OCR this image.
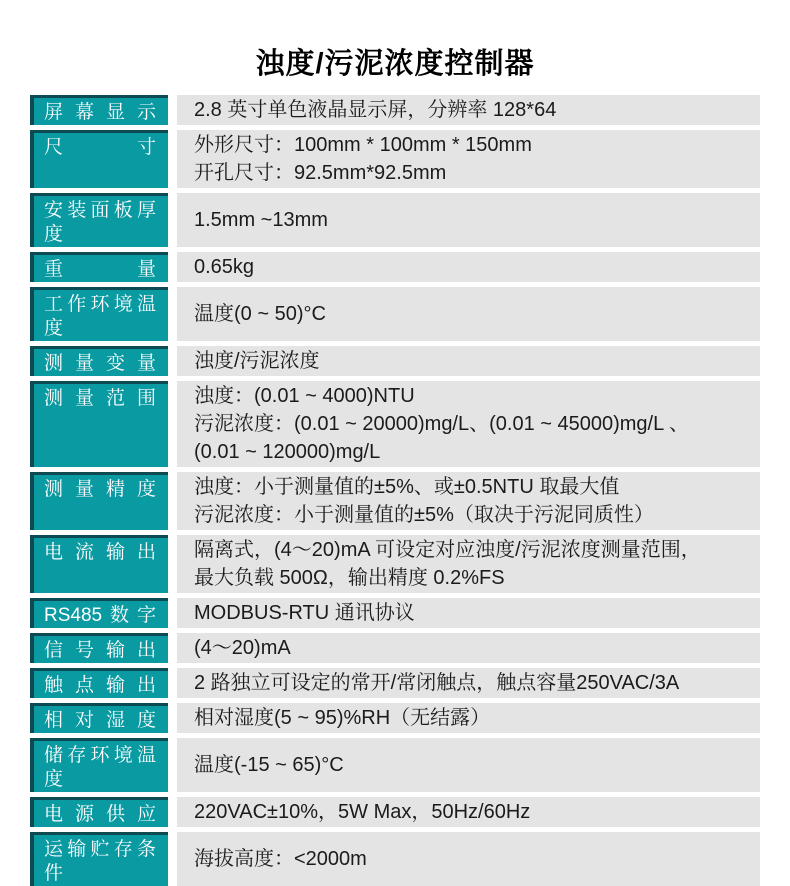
浊度/污泥浓度控制器
屏幕显示 2.8 英寸单色液晶显示屏，分辨率 128*64
尺寸 外形尺寸：100mm * 100mm * 150mm
开孔尺寸：92.5mm*92.5mm
安装面板厚度
1.5mm ~13mm
重量 0.65kg
工作环境温度
温度(0 ~ 50)°C
测量变量 浊度/污泥浓度
测量范围 浊度：(0.01 ~ 4000)NTU
污泥浓度：(0.01 ~ 20000)mg/L、(0.01 ~ 45000)mg/L 、
(0.01 ~ 120000)mg/L
测量精度 浊度：小于测量值的±5%、或±0.5NTU 取最大值
污泥浓度：小于测量值的±5%（取决于污泥同质性）
电流输出 隔离式，(4～20)mA 可设定对应浊度/污泥浓度测量范围，
最大负载 500Ω，输出精度 0.2%FS
RS485数字 MODBUS-RTU 通讯协议
信号输出 (4～20)mA
触点输出 2 路独立可设定的常开/常闭触点，触点容量250VAC/3A
相对湿度 相对湿度(5 ~ 95)%RH（无结露）
储存环境温度
温度(-15 ~ 65)°C
电源供应 220VAC±10%，5W Max，50Hz/60Hz
运输贮存条件
海拔高度：<2000m
